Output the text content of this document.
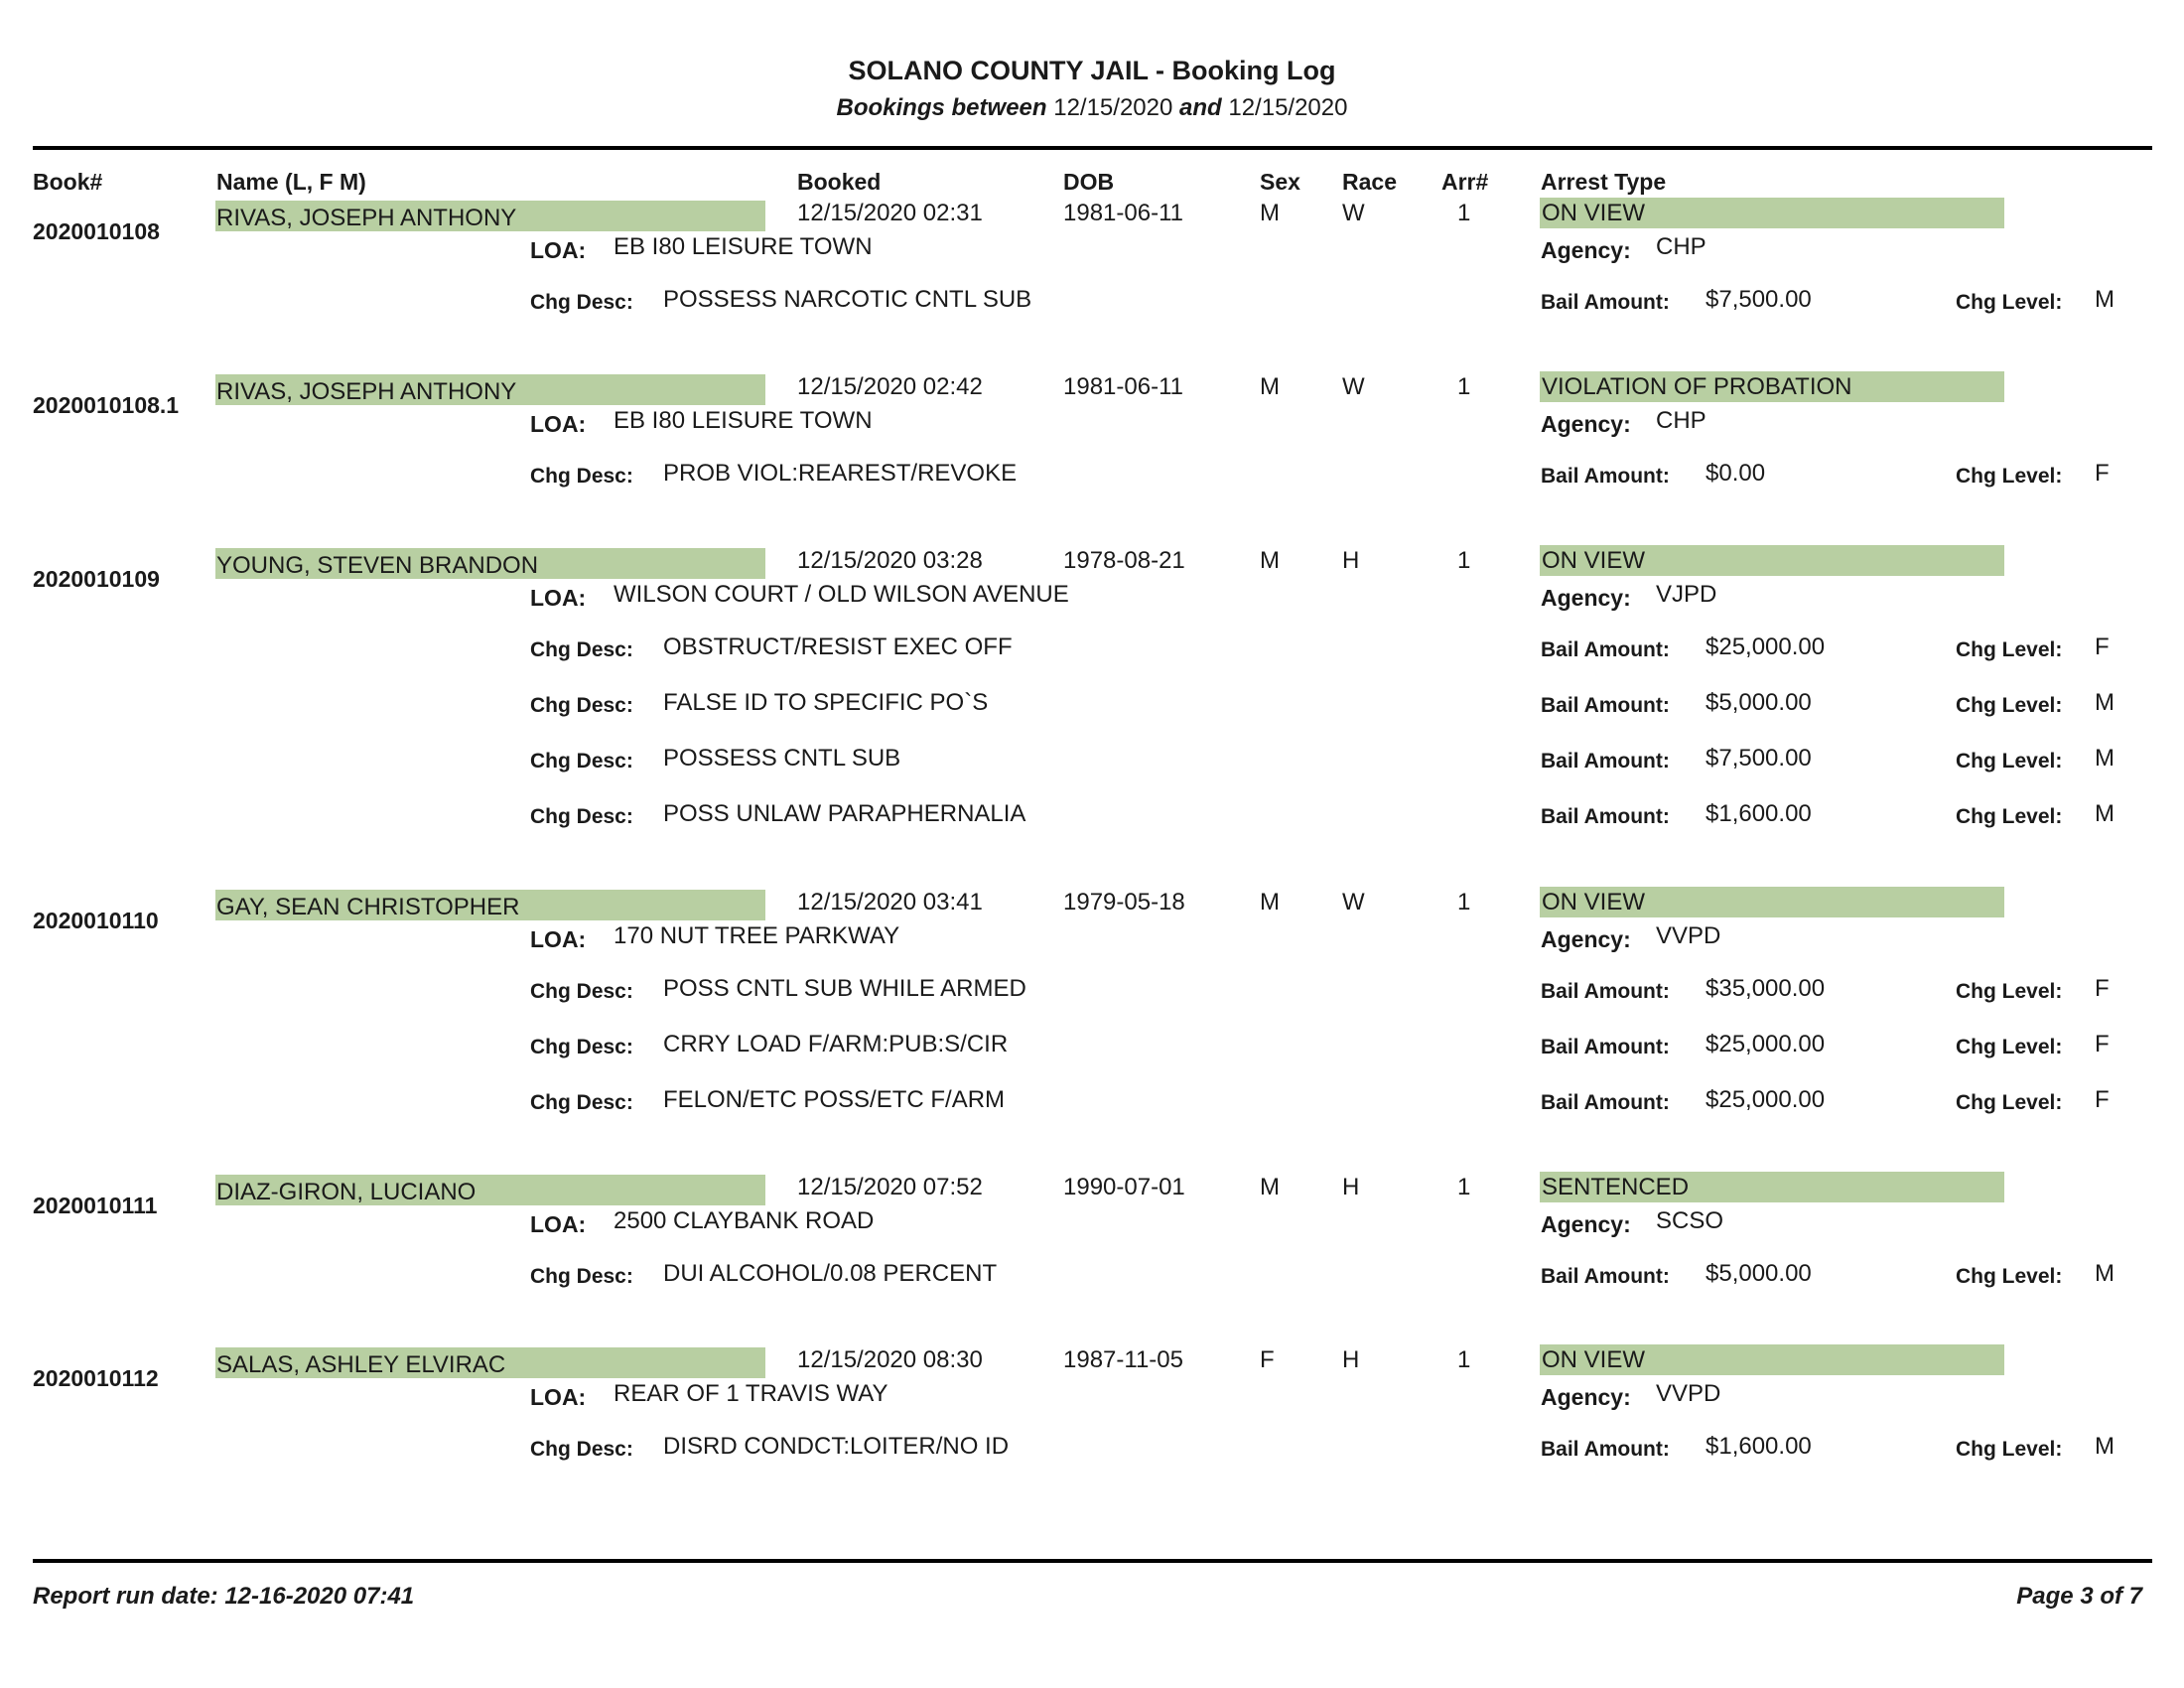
SOLANO COUNTY JAIL - Booking Log
Bookings between 12/15/2020 and 12/15/2020
Book#	Name (L, F M)	Booked	DOB	Sex Race Arr# Arrest Type
2020010108 RIVAS, JOSEPH ANTHONY	12/15/2020 02:31	1981-06-11	M	W	1	ON VIEW
LOA: EB I80 LEISURE TOWN	Agency: CHP
Chg Desc: POSSESS NARCOTIC CNTL SUB	Bail Amount: $7,500.00	Chg Level: M
2020010108.1 RIVAS, JOSEPH ANTHONY	12/15/2020 02:42	1981-06-11	M	W	1	VIOLATION OF PROBATION
LOA: EB I80 LEISURE TOWN	Agency: CHP
Chg Desc: PROB VIOL:REAREST/REVOKE	Bail Amount: $0.00	Chg Level: F
2020010109 YOUNG, STEVEN BRANDON	12/15/2020 03:28	1978-08-21	M	H	1	ON VIEW
LOA: WILSON COURT / OLD WILSON AVENUE	Agency: VJPD
Chg Desc: OBSTRUCT/RESIST EXEC OFF	Bail Amount: $25,000.00	Chg Level: F
Chg Desc: FALSE ID TO SPECIFIC PO`S	Bail Amount: $5,000.00	Chg Level: M
Chg Desc: POSSESS CNTL SUB	Bail Amount: $7,500.00	Chg Level: M
Chg Desc: POSS UNLAW PARAPHERNALIA	Bail Amount: $1,600.00	Chg Level: M
2020010110 GAY, SEAN CHRISTOPHER	12/15/2020 03:41	1979-05-18	M	W	1	ON VIEW
LOA: 170 NUT TREE PARKWAY	Agency: VVPD
Chg Desc: POSS CNTL SUB WHILE ARMED	Bail Amount: $35,000.00	Chg Level: F
Chg Desc: CRRY LOAD F/ARM:PUB:S/CIR	Bail Amount: $25,000.00	Chg Level: F
Chg Desc: FELON/ETC POSS/ETC F/ARM	Bail Amount: $25,000.00	Chg Level: F
2020010111 DIAZ-GIRON, LUCIANO	12/15/2020 07:52	1990-07-01	M	H	1	SENTENCED
LOA: 2500 CLAYBANK ROAD	Agency: SCSO
Chg Desc: DUI ALCOHOL/0.08 PERCENT	Bail Amount: $5,000.00	Chg Level: M
2020010112 SALAS, ASHLEY ELVIRAC	12/15/2020 08:30	1987-11-05	F	H	1	ON VIEW
LOA: REAR OF 1 TRAVIS WAY	Agency: VVPD
Chg Desc: DISRD CONDCT:LOITER/NO ID	Bail Amount: $1,600.00	Chg Level: M
Report run date: 12-16-2020 07:41	Page 3 of 7
